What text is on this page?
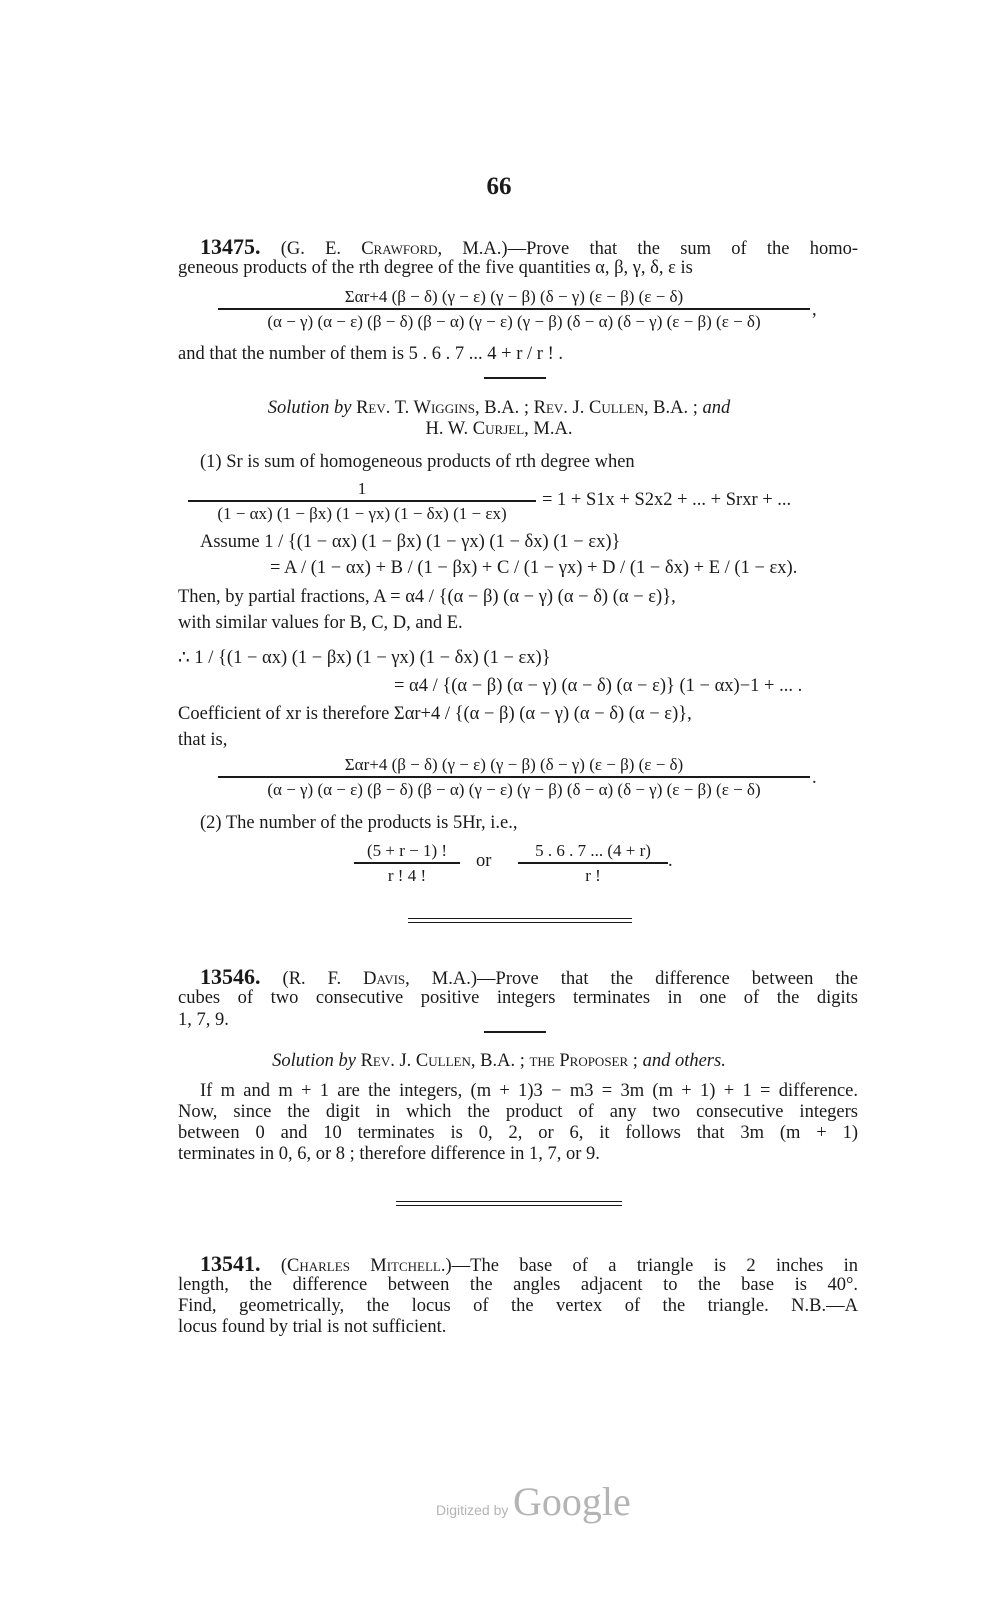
66
13475. (G. E. Crawford, M.A.)—Prove that the sum of the homo-
geneous products of the rth degree of the five quantities α, β, γ, δ, ε is
Σαr+4 (β − δ) (γ − ε) (γ − β) (δ − γ) (ε − β) (ε − δ)
(α − γ) (α − ε) (β − δ) (β − α) (γ − ε) (γ − β) (δ − α) (δ − γ) (ε − β) (ε − δ)
,
and that the number of them is 5 . 6 . 7 ... 4 + r / r ! .
Solution by Rev. T. Wiggins, B.A. ; Rev. J. Cullen, B.A. ; and
H. W. Curjel, M.A.
(1) Sr is sum of homogeneous products of rth degree when
1
(1 − αx) (1 − βx) (1 − γx) (1 − δx) (1 − εx)
= 1 + S1x + S2x2 + ... + Srxr + ...
Assume 1 / {(1 − αx) (1 − βx) (1 − γx) (1 − δx) (1 − εx)}
= A / (1 − αx) + B / (1 − βx) + C / (1 − γx) + D / (1 − δx) + E / (1 − εx).
Then, by partial fractions, A = α4 / {(α − β) (α − γ) (α − δ) (α − ε)},
with similar values for B, C, D, and E.
∴ 1 / {(1 − αx) (1 − βx) (1 − γx) (1 − δx) (1 − εx)}
= α4 / {(α − β) (α − γ) (α − δ) (α − ε)} (1 − αx)−1 + ... .
Coefficient of xr is therefore Σαr+4 / {(α − β) (α − γ) (α − δ) (α − ε)},
that is,
Σαr+4 (β − δ) (γ − ε) (γ − β) (δ − γ) (ε − β) (ε − δ)
(α − γ) (α − ε) (β − δ) (β − α) (γ − ε) (γ − β) (δ − α) (δ − γ) (ε − β) (ε − δ)
.
(2) The number of the products is 5Hr, i.e.,
(5 + r − 1) !
r ! 4 !
or
5 . 6 . 7 ... (4 + r)
r !
.
13546. (R. F. Davis, M.A.)—Prove that the difference between the
cubes of two consecutive positive integers terminates in one of the digits
1, 7, 9.
Solution by Rev. J. Cullen, B.A. ; the Proposer ; and others.
If m and m + 1 are the integers, (m + 1)3 − m3 = 3m (m + 1) + 1 = difference.
Now, since the digit in which the product of any two consecutive integers
between 0 and 10 terminates is 0, 2, or 6, it follows that 3m (m + 1)
terminates in 0, 6, or 8 ; therefore difference in 1, 7, or 9.
13541. (Charles Mitchell.)—The base of a triangle is 2 inches in
length, the difference between the angles adjacent to the base is 40°.
Find, geometrically, the locus of the vertex of the triangle. N.B.—A
locus found by trial is not sufficient.
Digitized by Google
